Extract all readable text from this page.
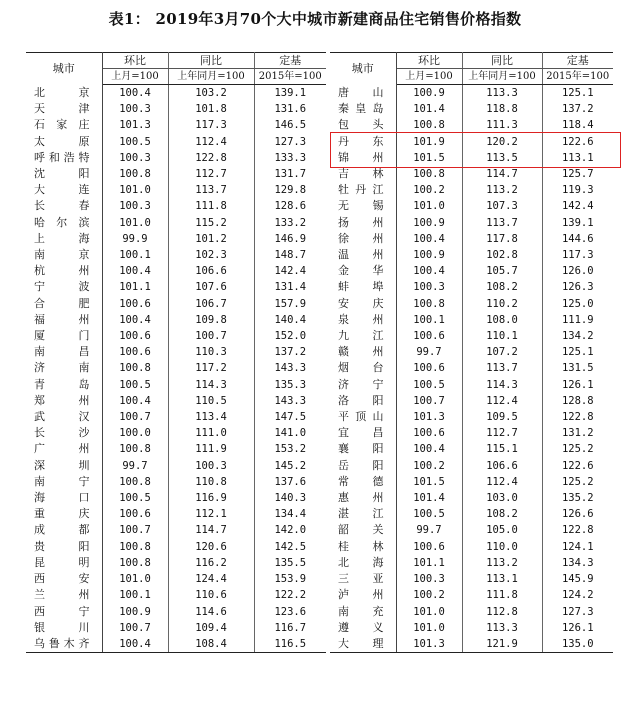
表1： 2019年3月70个大中城市新建商品住宅销售价格指数
城市	环比	同比	定基
	上月=100	上年同月=100	2015年=100
北京	100.4	103.2	139.1
天津	100.3	101.8	131.6
石家庄	101.3	117.3	146.5
太原	100.5	112.4	127.3
呼和浩特	100.3	122.8	133.3
沈阳	100.8	112.7	131.7
大连	101.0	113.7	129.8
长春	100.3	111.8	128.6
哈尔滨	101.0	115.2	133.2
上海	99.9	101.2	146.9
南京	100.1	102.3	148.7
杭州	100.4	106.6	142.4
宁波	101.1	107.6	131.4
合肥	100.6	106.7	157.9
福州	100.4	109.8	140.4
厦门	100.6	100.7	152.0
南昌	100.6	110.3	137.2
济南	100.8	117.2	143.3
青岛	100.5	114.3	135.3
郑州	100.4	110.5	143.3
武汉	100.7	113.4	147.5
长沙	100.0	111.0	141.0
广州	100.8	111.9	153.2
深圳	99.7	100.3	145.2
南宁	100.8	110.8	137.6
海口	100.5	116.9	140.3
重庆	100.6	112.1	134.4
成都	100.7	114.7	142.0
贵阳	100.8	120.6	142.5
昆明	100.8	116.2	135.5
西安	101.0	124.4	153.9
兰州	100.1	110.6	122.2
西宁	100.9	114.6	123.6
银川	100.7	109.4	116.7
乌鲁木齐	100.4	108.4	116.5
城市	环比	同比	定基
	上月=100	上年同月=100	2015年=100
唐山	100.9	113.3	125.1
秦皇岛	101.4	118.8	137.2
包头	100.8	111.3	118.4
丹东	101.9	120.2	122.6
锦州	101.5	113.5	113.1
吉林	100.8	114.7	125.7
牡丹江	100.2	113.2	119.3
无锡	101.0	107.3	142.4
扬州	100.9	113.7	139.1
徐州	100.4	117.8	144.6
温州	100.9	102.8	117.3
金华	100.4	105.7	126.0
蚌埠	100.3	108.2	126.3
安庆	100.8	110.2	125.0
泉州	100.1	108.0	111.9
九江	100.6	110.1	134.2
赣州	99.7	107.2	125.1
烟台	100.6	113.7	131.5
济宁	100.5	114.3	126.1
洛阳	100.7	112.4	128.8
平顶山	101.3	109.5	122.8
宜昌	100.6	112.7	131.2
襄阳	100.4	115.1	125.2
岳阳	100.2	106.6	122.6
常德	101.5	112.4	125.2
惠州	101.4	103.0	135.2
湛江	100.5	108.2	126.6
韶关	99.7	105.0	122.8
桂林	100.6	110.0	124.1
北海	101.1	113.2	134.3
三亚	100.3	113.1	145.9
泸州	100.2	111.8	124.2
南充	101.0	112.8	127.3
遵义	101.0	113.3	126.1
大理	101.3	121.9	135.0
